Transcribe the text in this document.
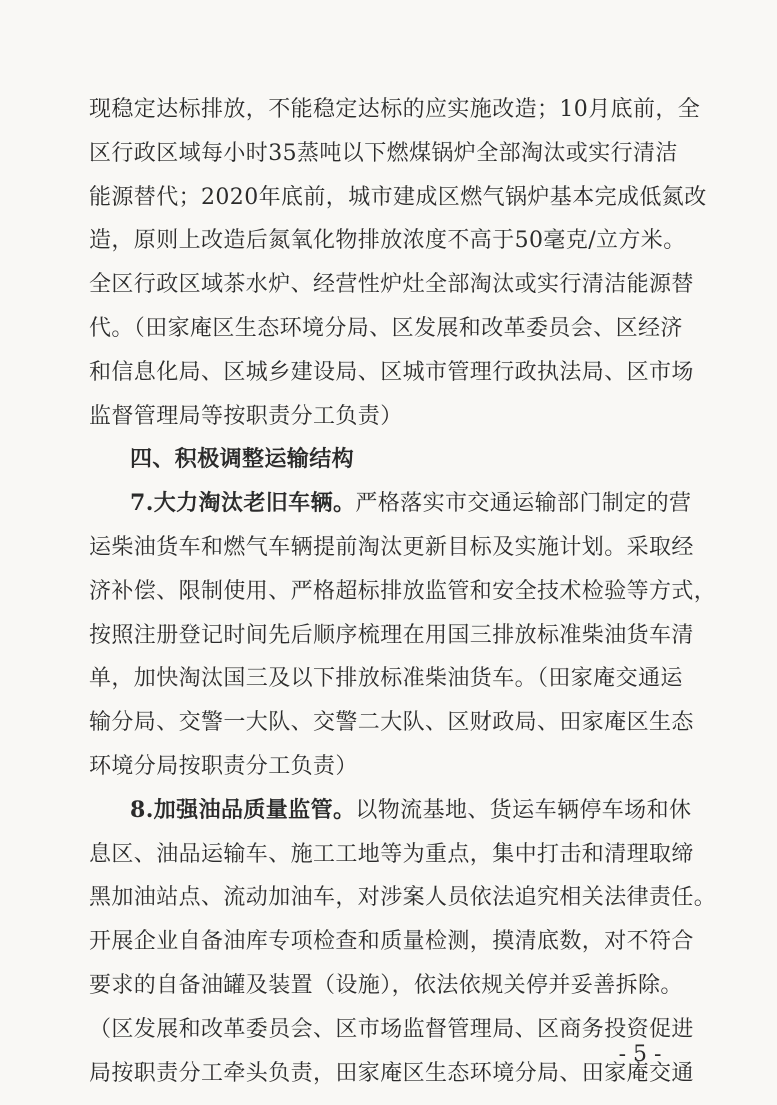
现稳定达标排放，不能稳定达标的应实施改造；10月底前，全
区行政区域每小时35蒸吨以下燃煤锅炉全部淘汰或实行清洁
能源替代；2020年底前，城市建成区燃气锅炉基本完成低氮改
造，原则上改造后氮氧化物排放浓度不高于50毫克/立方米。
全区行政区域茶水炉、经营性炉灶全部淘汰或实行清洁能源替
代。（田家庵区生态环境分局、区发展和改革委员会、区经济
和信息化局、区城乡建设局、区城市管理行政执法局、区市场
监督管理局等按职责分工负责）
四、积极调整运输结构
7.大力淘汰老旧车辆。严格落实市交通运输部门制定的营
运柴油货车和燃气车辆提前淘汰更新目标及实施计划。采取经
济补偿、限制使用、严格超标排放监管和安全技术检验等方式，
按照注册登记时间先后顺序梳理在用国三排放标准柴油货车清
单，加快淘汰国三及以下排放标准柴油货车。（田家庵交通运
输分局、交警一大队、交警二大队、区财政局、田家庵区生态
环境分局按职责分工负责）
8.加强油品质量监管。以物流基地、货运车辆停车场和休
息区、油品运输车、施工工地等为重点，集中打击和清理取缔
黑加油站点、流动加油车，对涉案人员依法追究相关法律责任。
开展企业自备油库专项检查和质量检测，摸清底数，对不符合
要求的自备油罐及装置（设施），依法依规关停并妥善拆除。
（区发展和改革委员会、区市场监督管理局、区商务投资促进
局按职责分工牵头负责，田家庵区生态环境分局、田家庵交通
- 5 -
